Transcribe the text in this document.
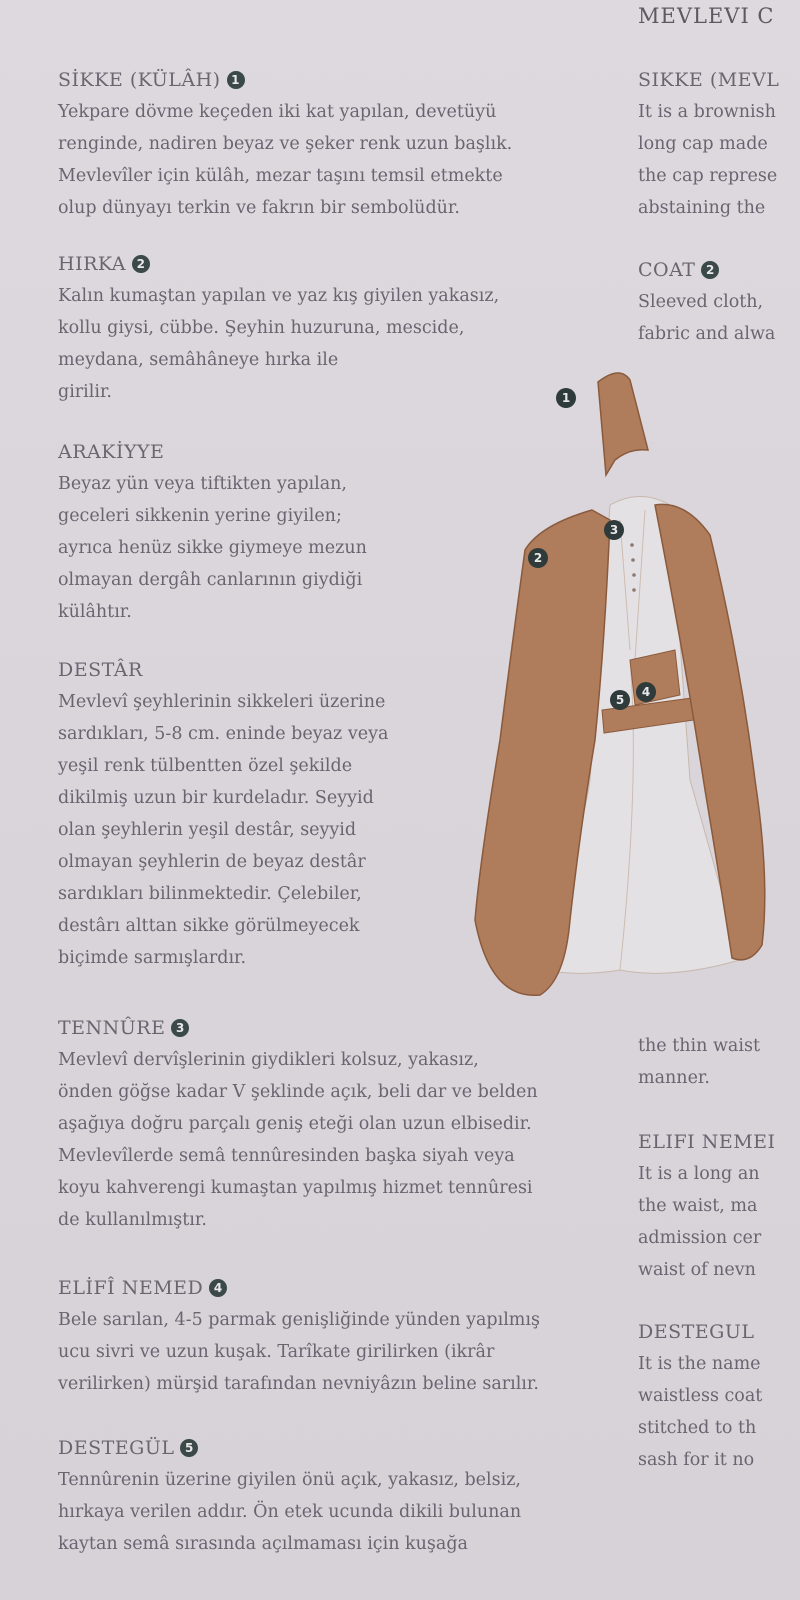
MEVLEVI C
SIKKE (MEVL
It is a brownish
long cap made
the cap represe
abstaining the
COAT 2
Sleeved cloth,
fabric and alwa
the thin waist
manner.
ELIFI NEMEI
It is a long an
the waist, ma
admission cer
waist of nevn
DESTEGUL
It is the name
waistless coat
stitched to th
sash for it no
SİKKE (KÜLÂH) 1
Yekpare dövme keçeden iki kat yapılan, devetüyü
renginde, nadiren beyaz ve şeker renk uzun başlık.
Mevlevîler için külâh, mezar taşını temsil etmekte
olup dünyayı terkin ve fakrın bir sembolüdür.
HIRKA 2
Kalın kumaştan yapılan ve yaz kış giyilen yakasız,
kollu giysi, cübbe. Şeyhin huzuruna, mescide,
meydana, semâhâneye hırka ile
girilir.
ARAKİYYE
Beyaz yün veya tiftikten yapılan,
geceleri sikkenin yerine giyilen;
ayrıca henüz sikke giymeye mezun
olmayan dergâh canlarının giydiği
külâhtır.
DESTÂR
Mevlevî şeyhlerinin sikkeleri üzerine
sardıkları, 5-8 cm. eninde beyaz veya
yeşil renk tülbentten özel şekilde
dikilmiş uzun bir kurdeladır. Seyyid
olan şeyhlerin yeşil destâr, seyyid
olmayan şeyhlerin de beyaz destâr
sardıkları bilinmektedir. Çelebiler,
destârı alttan sikke görülmeyecek
biçimde sarmışlardır.
TENNÛRE 3
Mevlevî dervîşlerinin giydikleri kolsuz, yakasız,
önden göğse kadar V şeklinde açık, beli dar ve belden
aşağıya doğru parçalı geniş eteği olan uzun elbisedir.
Mevlevîlerde semâ tennûresinden başka siyah veya
koyu kahverengi kumaştan yapılmış hizmet tennûresi
de kullanılmıştır.
ELİFÎ NEMED 4
Bele sarılan, 4-5 parmak genişliğinde yünden yapılmış
ucu sivri ve uzun kuşak. Tarîkate girilirken (ikrâr
verilirken) mürşid tarafından nevniyâzın beline sarılır.
DESTEGÜL 5
Tennûrenin üzerine giyilen önü açık, yakasız, belsiz,
hırkaya verilen addır. Ön etek ucunda dikili bulunan
kaytan semâ sırasında açılmaması için kuşağa
1
2
3
4
5
